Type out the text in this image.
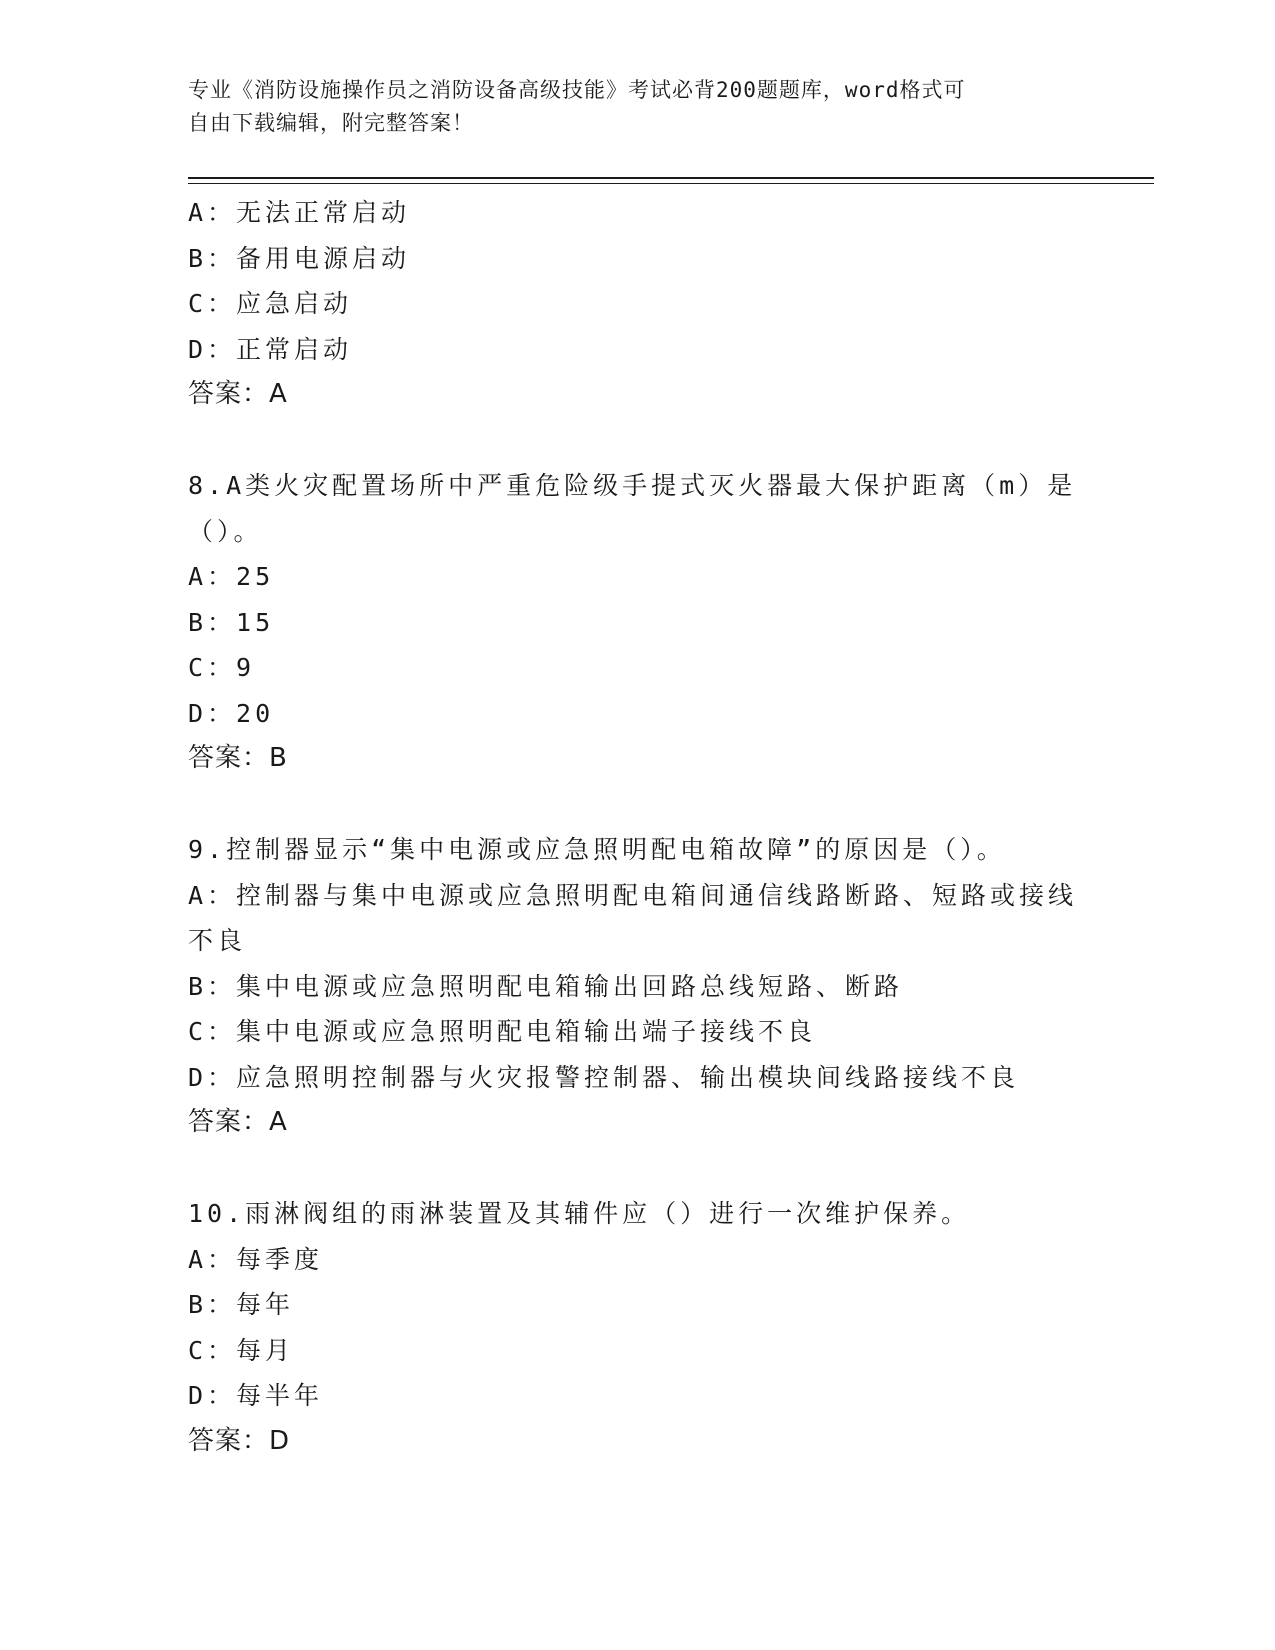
专业《消防设施操作员之消防设备高级技能》考试必背200题题库，word格式可
自由下载编辑，附完整答案！
A：无法正常启动
B：备用电源启动
C：应急启动
D：正常启动
答案：A
8.A类火灾配置场所中严重危险级手提式灭火器最大保护距离（m）是
（）。
A：25
B：15
C：9
D：20
答案：B
9.控制器显示“集中电源或应急照明配电箱故障”的原因是（）。
A：控制器与集中电源或应急照明配电箱间通信线路断路、短路或接线
不良
B：集中电源或应急照明配电箱输出回路总线短路、断路
C：集中电源或应急照明配电箱输出端子接线不良
D：应急照明控制器与火灾报警控制器、输出模块间线路接线不良
答案：A
10.雨淋阀组的雨淋装置及其辅件应（）进行一次维护保养。
A：每季度
B：每年
C：每月
D：每半年
答案：D
